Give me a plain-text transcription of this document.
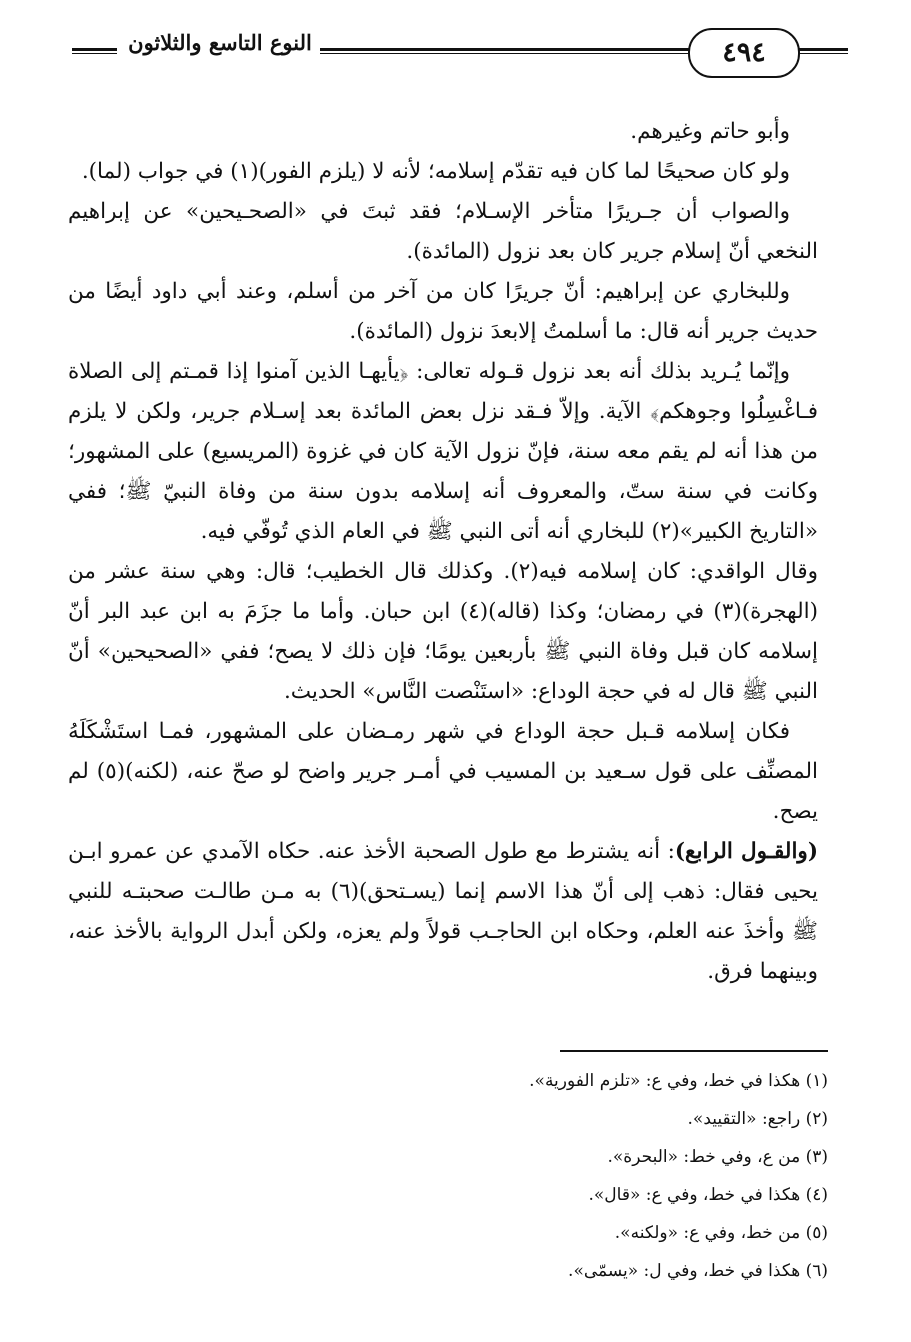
٤٩٤
النوع التاسع والثلاثون

وأبو حاتم وغيرهم.

ولو كان صحيحًا لما كان فيه تقدّم إسلامه؛ لأنه لا (يلزم الفور)(١) في جواب (لما).

والصواب أن جـريرًا متأخر الإسـلام؛ فقد ثبتَ في «الصحـيحين» عن إبراهيم النخعي أنّ إسلام جرير كان بعد نزول (المائدة).

وللبخاري عن إبراهيم: أنّ جريرًا كان من آخر من أسلم، وعند أبي داود أيضًا من حديث جرير أنه قال: ما أسلمتُ إلابعدَ نزول (المائدة).

وإنّما يُـريد بذلك أنه بعد نزول قـوله تعالى: ﴿يأيهـا الذين آمنوا إذا قمـتم إلى الصلاة فـاغْسِلُوا وجوهكم﴾ الآية. وإلاّ فـقد نزل بعض المائدة بعد إسـلام جرير، ولكن لا يلزم من هذا أنه لم يقم معه سنة، فإنّ نزول الآية كان في غزوة (المريسيع) على المشهور؛ وكانت في سنة ستّ، والمعروف أنه إسلامه بدون سنة من وفاة النبيّ ﷺ؛ ففي «التاريخ الكبير»(٢) للبخاري أنه أتى النبي ﷺ في العام الذي تُوفّي فيه.

وقال الواقدي: كان إسلامه فيه(٢). وكذلك قال الخطيب؛ قال: وهي سنة عشر من (الهجرة)(٣) في رمضان؛ وكذا (قاله)(٤) ابن حبان. وأما ما جزَمَ به ابن عبد البر أنّ إسلامه كان قبل وفاة النبي ﷺ بأربعين يومًا؛ فإن ذلك لا يصح؛ ففي «الصحيحين» أنّ النبي ﷺ قال له في حجة الوداع: «استَنْصت النَّاس» الحديث.

فكان إسلامه قـبل حجة الوداع في شهر رمـضان على المشهور، فمـا استَشْكَلَهُ المصنِّف على قول سـعيد بن المسيب في أمـر جرير واضح لو صحّ عنه، (لكنه)(٥) لم يصح.

(والقـول الرابع): أنه يشترط مع طول الصحبة الأخذ عنه. حكاه الآمدي عن عمرو ابـن يحيى فقال: ذهب إلى أنّ هذا الاسم إنما (يسـتحق)(٦) به مـن طالـت صحبتـه للنبي ﷺ وأخذَ عنه العلم، وحكاه ابن الحاجـب قولاً ولم يعزه، ولكن أبدل الرواية بالأخذ عنه، وبينهما فرق.

(١) هكذا في خط، وفي ع: «تلزم الفورية».
(٢) راجع: «التقييد».
(٣) من ع، وفي خط: «البحرة».
(٤) هكذا في خط، وفي ع: «قال».
(٥) من خط، وفي ع: «ولكنه».
(٦) هكذا في خط، وفي ل: «يسمّى».
